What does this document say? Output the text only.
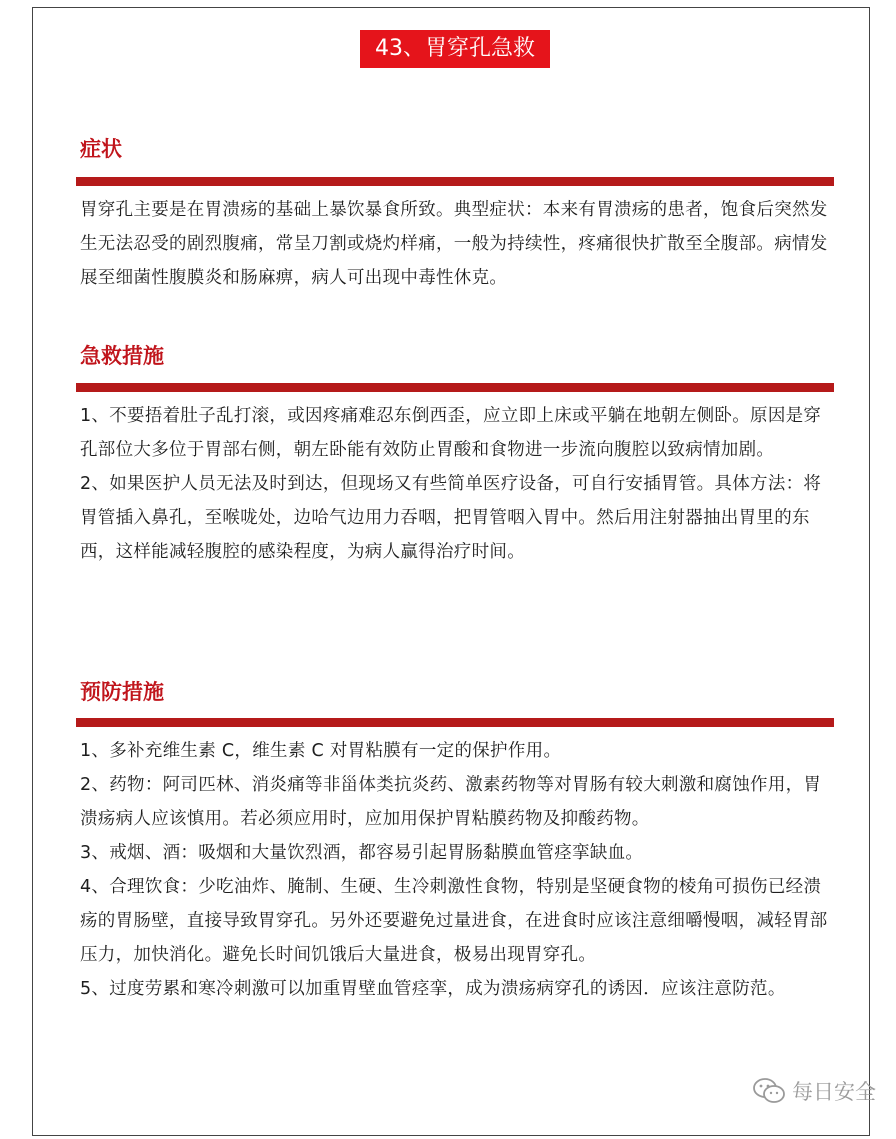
43、胃穿孔急救
症状

胃穿孔主要是在胃溃疡的基础上暴饮暴食所致。典型症状：本来有胃溃疡的患者，饱食后突然发生无法忍受的剧烈腹痛，常呈刀割或烧灼样痛，一般为持续性，疼痛很快扩散至全腹部。病情发展至细菌性腹膜炎和肠麻痹，病人可出现中毒性休克。

急救措施

1、不要捂着肚子乱打滚，或因疼痛难忍东倒西歪，应立即上床或平躺在地朝左侧卧。原因是穿孔部位大多位于胃部右侧，朝左卧能有效防止胃酸和食物进一步流向腹腔以致病情加剧。

2、如果医护人员无法及时到达，但现场又有些简单医疗设备，可自行安插胃管。具体方法：将胃管插入鼻孔，至喉咙处，边哈气边用力吞咽，把胃管咽入胃中。然后用注射器抽出胃里的东西，这样能减轻腹腔的感染程度，为病人赢得治疗时间。

预防措施

1、多补充维生素 C，维生素 C 对胃粘膜有一定的保护作用。

2、药物：阿司匹林、消炎痛等非甾体类抗炎药、激素药物等对胃肠有较大刺激和腐蚀作用，胃溃疡病人应该慎用。若必须应用时，应加用保护胃粘膜药物及抑酸药物。

3、戒烟、酒：吸烟和大量饮烈酒，都容易引起胃肠黏膜血管痉挛缺血。

4、合理饮食：少吃油炸、腌制、生硬、生冷刺激性食物，特别是坚硬食物的棱角可损伤已经溃疡的胃肠壁，直接导致胃穿孔。另外还要避免过量进食，在进食时应该注意细嚼慢咽，减轻胃部压力，加快消化。避免长时间饥饿后大量进食，极易出现胃穿孔。

5、过度劳累和寒冷刺激可以加重胃壁血管痉挛，成为溃疡病穿孔的诱因．应该注意防范。

每日安全
